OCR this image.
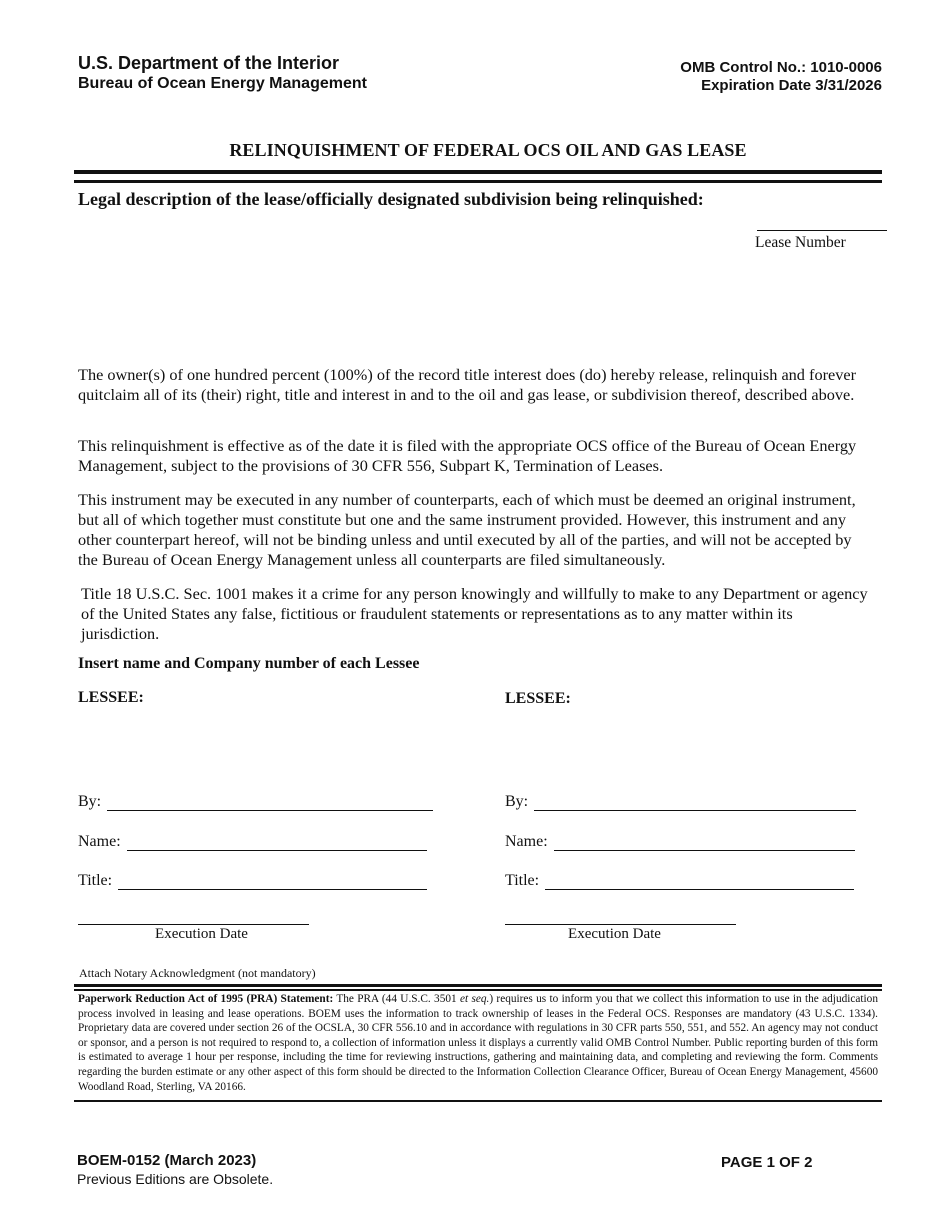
U.S. Department of the Interior
Bureau of Ocean Energy Management
OMB Control No.: 1010-0006
Expiration Date 3/31/2026
RELINQUISHMENT OF FEDERAL OCS OIL AND GAS LEASE
Legal description of the lease/officially designated subdivision being relinquished:
Lease Number
The owner(s) of one hundred percent (100%) of the record title interest does (do) hereby release, relinquish and forever quitclaim all of its (their) right, title and interest in and to the oil and gas lease, or subdivision thereof, described above.
This relinquishment is effective as of the date it is filed with the appropriate OCS office of the Bureau of Ocean Energy Management, subject to the provisions of 30 CFR 556, Subpart K, Termination of Leases.
This instrument may be executed in any number of counterparts, each of which must be deemed an original instrument, but all of which together must constitute but one and the same instrument provided. However, this instrument and any other counterpart hereof, will not be binding unless and until executed by all of the parties, and will not be accepted by the Bureau of Ocean Energy Management unless all counterparts are filed simultaneously.
Title 18 U.S.C. Sec. 1001 makes it a crime for any person knowingly and willfully to make to any Department or agency of the United States any false, fictitious or fraudulent statements or representations as to any matter within its jurisdiction.
Insert name and Company number of each Lessee
LESSEE:
By:
Name:
Title:
Execution Date
LESSEE:
By:
Name:
Title:
Execution Date
Attach Notary Acknowledgment (not mandatory)
Paperwork Reduction Act of 1995 (PRA) Statement: The PRA (44 U.S.C. 3501 et seq.) requires us to inform you that we collect this information to use in the adjudication process involved in leasing and lease operations. BOEM uses the information to track ownership of leases in the Federal OCS. Responses are mandatory (43 U.S.C. 1334). Proprietary data are covered under section 26 of the OCSLA, 30 CFR 556.10 and in accordance with regulations in 30 CFR parts 550, 551, and 552. An agency may not conduct or sponsor, and a person is not required to respond to, a collection of information unless it displays a currently valid OMB Control Number. Public reporting burden of this form is estimated to average 1 hour per response, including the time for reviewing instructions, gathering and maintaining data, and completing and reviewing the form. Comments regarding the burden estimate or any other aspect of this form should be directed to the Information Collection Clearance Officer, Bureau of Ocean Energy Management, 45600 Woodland Road, Sterling, VA 20166.
BOEM-0152 (March 2023)
Previous Editions are Obsolete.
PAGE 1 OF 2
